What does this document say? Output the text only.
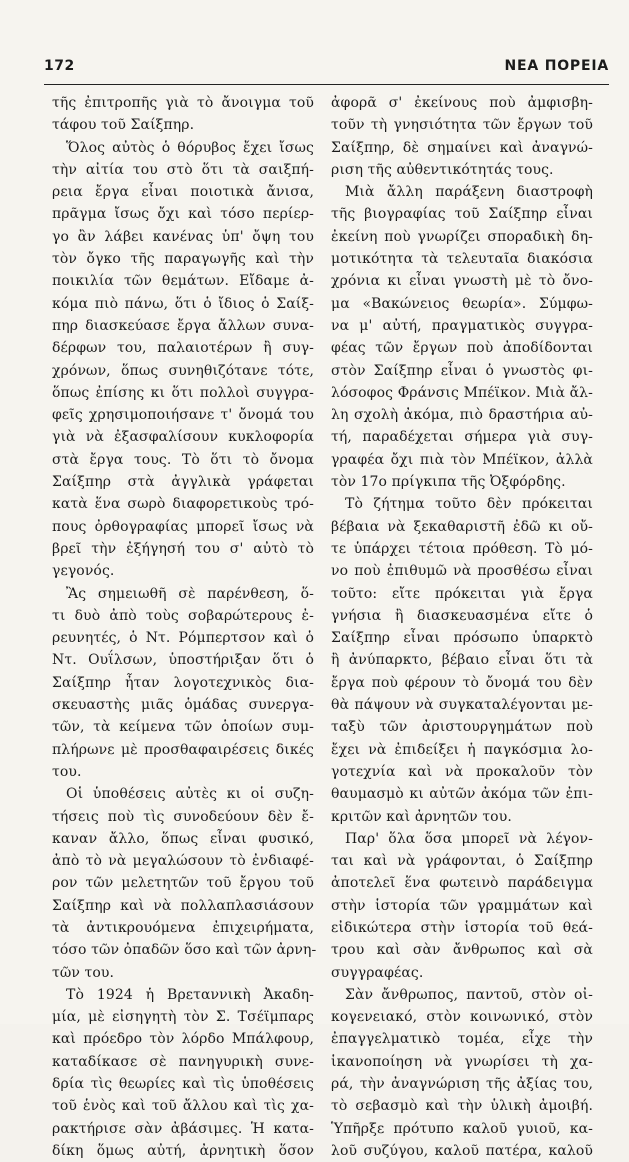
172	ΝΕΑ ΠΟΡΕΙΑ
τῆς ἐπιτροπῆς γιὰ τὸ ἄνοιγμα τοῦ
τάφου τοῦ Σαίξπηρ.
Ὅλος αὐτὸς ὁ θόρυβος ἔχει ἴσως
τὴν αἰτία του στὸ ὅτι τὰ σαιξπή-
ρεια ἔργα εἶναι ποιοτικὰ ἄνισα,
πρᾶγμα ἴσως ὄχι καὶ τόσο περίερ-
γο ἂν λάβει κανένας ὑπ' ὄψη του
τὸν ὄγκο τῆς παραγωγῆς καὶ τὴν
ποικιλία τῶν θεμάτων. Εἴδαμε ἀ-
κόμα πιὸ πάνω, ὅτι ὁ ἴδιος ὁ Σαίξ-
πηρ διασκεύασε ἔργα ἄλλων συνα-
δέρφων του, παλαιοτέρων ἢ συγ-
χρόνων, ὅπως συνηθιζότανε τότε,
ὅπως ἐπίσης κι ὅτι πολλοὶ συγγρα-
φεῖς χρησιμοποιήσανε τ' ὄνομά του
γιὰ νὰ ἐξασφαλίσουν κυκλοφορία
στὰ ἔργα τους. Τὸ ὅτι τὸ ὄνομα
Σαίξπηρ στὰ ἀγγλικὰ γράφεται
κατὰ ἕνα σωρὸ διαφορετικοὺς τρό-
πους ὀρθογραφίας μπορεῖ ἴσως νὰ
βρεῖ τὴν ἐξήγησή του σ' αὐτὸ τὸ
γεγονός.
Ἂς σημειωθῆ σὲ παρένθεση, ὅ-
τι δυὸ ἀπὸ τοὺς σοβαρώτερους ἐ-
ρευνητές, ὁ Ντ. Ρόμπερτσον καὶ ὁ
Ντ. Ουΐλσων, ὑποστήριξαν ὅτι ὁ
Σαίξπηρ ἦταν λογοτεχνικὸς δια-
σκευαστὴς μιᾶς ὁμάδας συνεργα-
τῶν, τὰ κείμενα τῶν ὁποίων συμ-
πλήρωνε μὲ προσθαφαιρέσεις δικές
του.
Οἱ ὑποθέσεις αὐτὲς κι οἱ συζη-
τήσεις ποὺ τὶς συνοδεύουν δὲν ἔ-
καναν ἄλλο, ὅπως εἶναι φυσικό,
ἀπὸ τὸ νὰ μεγαλώσουν τὸ ἐνδιαφέ-
ρον τῶν μελετητῶν τοῦ ἔργου τοῦ
Σαίξπηρ καὶ νὰ πολλαπλασιάσουν
τὰ ἀντικρουόμενα ἐπιχειρήματα,
τόσο τῶν ὀπαδῶν ὅσο καὶ τῶν ἀρνη-
τῶν του.
Τὸ 1924 ἡ Βρεταννικὴ Ἀκαδη-
μία, μὲ εἰσηγητὴ τὸν Σ. Τσέϊμπαρς
καὶ πρόεδρο τὸν λόρδο Μπάλφουρ,
καταδίκασε σὲ πανηγυρικὴ συνε-
δρία τὶς θεωρίες καὶ τὶς ὑποθέσεις
τοῦ ἑνὸς καὶ τοῦ ἄλλου καὶ τὶς χα-
ρακτήρισε σὰν ἀβάσιμες. Ἡ κατα-
δίκη ὅμως αὐτή, ἀρνητικὴ ὅσον
ἀφορᾶ σ' ἐκείνους ποὺ ἀμφισβη-
τοῦν τὴ γνησιότητα τῶν ἔργων τοῦ
Σαίξπηρ, δὲ σημαίνει καὶ ἀναγνώ-
ριση τῆς αὐθεντικότητάς τους.
Μιὰ ἄλλη παράξενη διαστροφὴ
τῆς βιογραφίας τοῦ Σαίξπηρ εἶναι
ἐκείνη ποὺ γνωρίζει σποραδικὴ δη-
μοτικότητα τὰ τελευταῖα διακόσια
χρόνια κι εἶναι γνωστὴ μὲ τὸ ὄνο-
μα «Βακώνειος θεωρία». Σύμφω-
να μ' αὐτή, πραγματικὸς συγγρα-
φέας τῶν ἔργων ποὺ ἀποδίδονται
στὸν Σαίξπηρ εἶναι ὁ γνωστὸς φι-
λόσοφος Φράνσις Μπέϊκον. Μιὰ ἄλ-
λη σχολὴ ἀκόμα, πιὸ δραστήρια αὐ-
τή, παραδέχεται σήμερα γιὰ συγ-
γραφέα ὄχι πιὰ τὸν Μπέϊκον, ἀλλὰ
τὸν 17ο πρίγκιπα τῆς Ὀξφόρδης.
Τὸ ζήτημα τοῦτο δὲν πρόκειται
βέβαια νὰ ξεκαθαριστῆ ἐδῶ κι οὔ-
τε ὑπάρχει τέτοια πρόθεση. Τὸ μό-
νο ποὺ ἐπιθυμῶ νὰ προσθέσω εἶναι
τοῦτο: εἴτε πρόκειται γιὰ ἔργα
γνήσια ἢ διασκευασμένα εἴτε ὁ
Σαίξπηρ εἶναι πρόσωπο ὑπαρκτὸ
ἢ ἀνύπαρκτο, βέβαιο εἶναι ὅτι τὰ
ἔργα ποὺ φέρουν τὸ ὄνομά του δὲν
θὰ πάψουν νὰ συγκαταλέγονται με-
ταξὺ τῶν ἀριστουργημάτων ποὺ
ἔχει νὰ ἐπιδείξει ἡ παγκόσμια λο-
γοτεχνία καὶ νὰ προκαλοῦν τὸν
θαυμασμὸ κι αὐτῶν ἀκόμα τῶν ἐπι-
κριτῶν καὶ ἀρνητῶν του.
Παρ' ὅλα ὅσα μπορεῖ νὰ λέγον-
ται καὶ νὰ γράφονται, ὁ Σαίξπηρ
ἀποτελεῖ ἕνα φωτεινὸ παράδειγμα
στὴν ἱστορία τῶν γραμμάτων καὶ
εἰδικώτερα στὴν ἱστορία τοῦ θεά-
τρου καὶ σὰν ἄνθρωπος καὶ σὰ
συγγραφέας.
Σὰν ἄνθρωπος, παντοῦ, στὸν οἰ-
κογενειακό, στὸν κοινωνικό, στὸν
ἐπαγγελματικὸ τομέα, εἶχε τὴν
ἱκανοποίηση νὰ γνωρίσει τὴ χα-
ρά, τὴν ἀναγνώριση τῆς ἀξίας του,
τὸ σεβασμὸ καὶ τὴν ὑλικὴ ἀμοιβή.
Ὑπῆρξε πρότυπο καλοῦ γυιοῦ, κα-
λοῦ συζύγου, καλοῦ πατέρα, καλοῦ
